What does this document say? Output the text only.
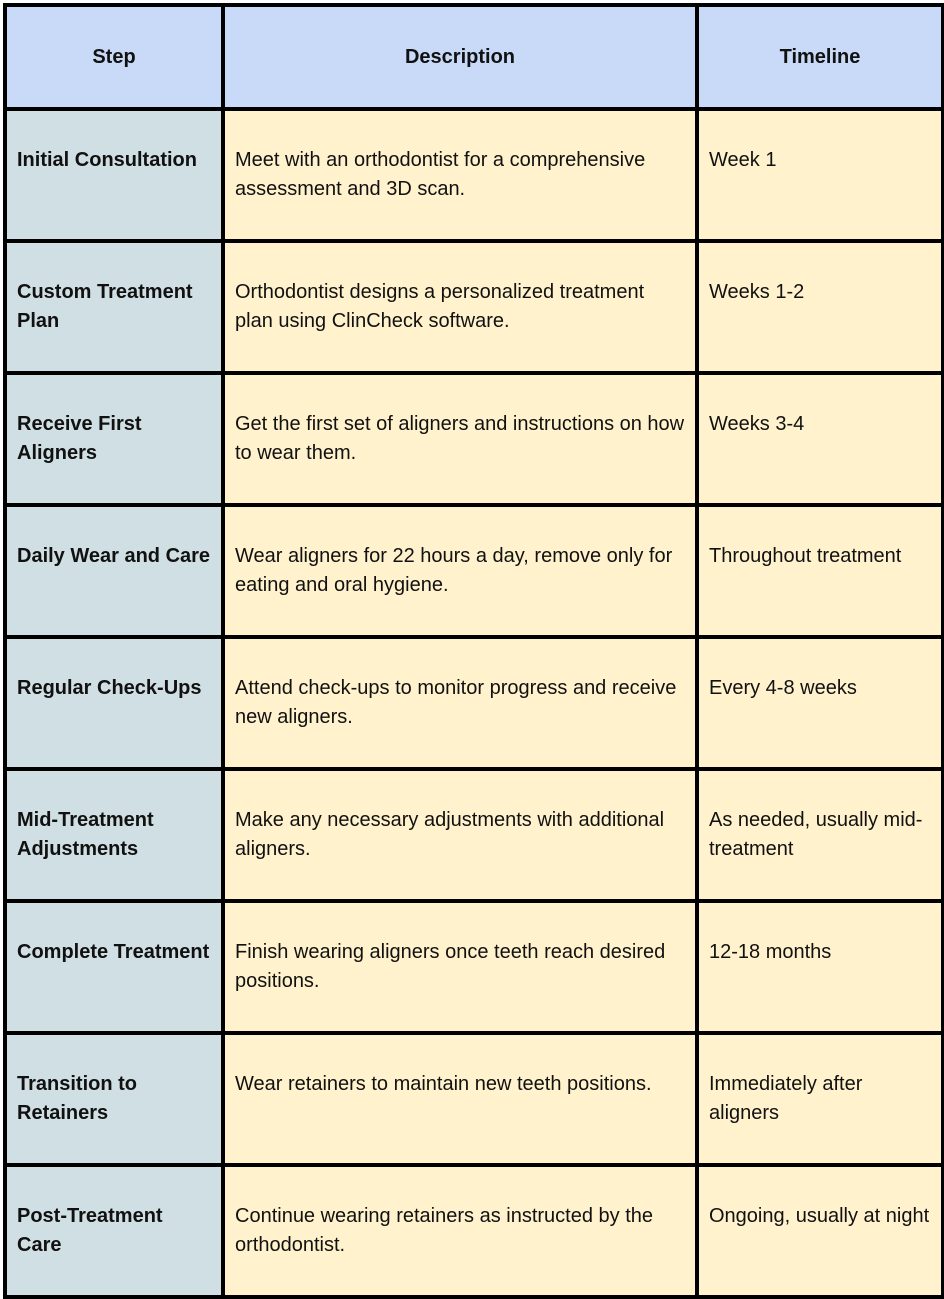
Step	Description	Timeline
Initial Consultation	Meet with an orthodontist for a comprehensive assessment and 3D scan.	Week 1
Custom Treatment Plan	Orthodontist designs a personalized treatment plan using ClinCheck software.	Weeks 1-2
Receive First Aligners	Get the first set of aligners and instructions on how to wear them.	Weeks 3-4
Daily Wear and Care	Wear aligners for 22 hours a day, remove only for eating and oral hygiene.	Throughout treatment
Regular Check-Ups	Attend check-ups to monitor progress and receive new aligners.	Every 4-8 weeks
Mid-Treatment Adjustments	Make any necessary adjustments with additional aligners.	As needed, usually mid-treatment
Complete Treatment	Finish wearing aligners once teeth reach desired positions.	12-18 months
Transition to Retainers	Wear retainers to maintain new teeth positions.	Immediately after aligners
Post-Treatment Care	Continue wearing retainers as instructed by the orthodontist.	Ongoing, usually at night
